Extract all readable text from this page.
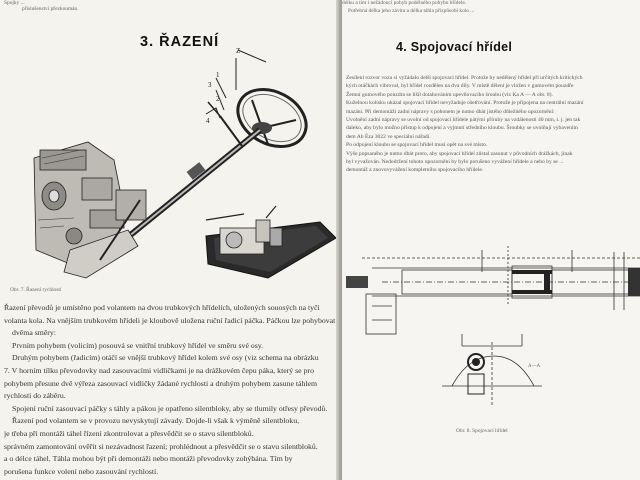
Spojky ...
příslušenství přezkoumán.
3. ŘAZENÍ
Z
3
1
2
4
Obr. 7. Řazení rychlostí

Řazení převodů je umístěno pod volantem na dvou trubkových hřídelích, uložených souosých na tyči

volanta kola. Na vnějším trubkovém hřídeli je kloubově uložena ruční řadicí páčka. Páčkou lze pohybovat

dvěma směry:

Prvním pohybem (volicím) posouvá se vnitřní trubkový hřídel ve směru své osy.

Druhým pohybem (řadicím) otáčí se vnější trubkový hřídel kolem své osy (viz schema na obrázku

7. V horním tílku převodovky nad zasouvacími vidličkami je na drážkovém čepu páka, který se pro

pohybem přesune dvě výřeza zasouvací vidličky žádané rychlosti a druhým pohybem zasune táhlem

rychlosti do záběru.

Spojení ruční zasouvací páčky s táhly a pákou je opatřeno silentbloky, aby se tlumily otřesy převodů.

Řazení pod volantem se v provozu nevyskytují závady. Dojde-li však k výměně silentbloku,

je třeba při montáži táhel řízení zkontrolovat a přesvědčit se o stavu silentbloků.

správném zamontování ověřit si nezávadnost řazení; prohlédnout a přesvědčit se o stavu silentbloků.

a o délce táhel. Táhla mohou být při demontáži nebo montáži převodovky zohýbána. Tím by

porušena funkce volení nebo zasouvání rychlostí.

délku a tím i nežádoucí pohyb podélného pohybu hřídele.
Potřebná délka jeho závitu a délka táhla přizpůsobí kolo ...
4. Spojovací hřídel

Zesílení rozvor vozu si vyžádalo delší spojovací hřídel. Protože by nedělený hřídel při určitých kritických

kých otáčkách vibroval, byl hřídel rozdělen na dva díly. V místě dělení je vložen v gumovém pouzdře

Žemní gumového pouzdra se lišil dotahováním upevňovacího šroubu (viz Ka A — A obr. 8).

Kuželnou kolísku ukázal spojovací hřídel nevyžaduje ošetřování. Protože je připojena na centrální mazání

mazání. Při demontáži zadní nápravy s pohonem je nutno dbát jistého důležitého upozornění:

Uvolnění zadní nápravy se uvolní od spojovací hřídele pátými příruby na vzdálenosti 40 mm, t. j. jen tak

daleko, aby bylo možno přístup k odpojení a vyjmutí středního kloubu. Šroubky se uvolňují vybavením

dem Ab Éza 3022 ve speciální nářadí.

Po odpojení kloubu se spojovací hřídel musí opět na své místo.

Výše popsaného je nutno dbát proto, aby spojovací hřídel zůstal zasunut v původních drážkách, jinak

byl vyvažován. Nedodržení tohoto upozornění by bylo porušeno vyvážení hřídele a nebo by se ...

demontáž a znovuvyvážení kompletního spojovacího hřídele.

A—A
Obr. 8. Spojovací hřídel
